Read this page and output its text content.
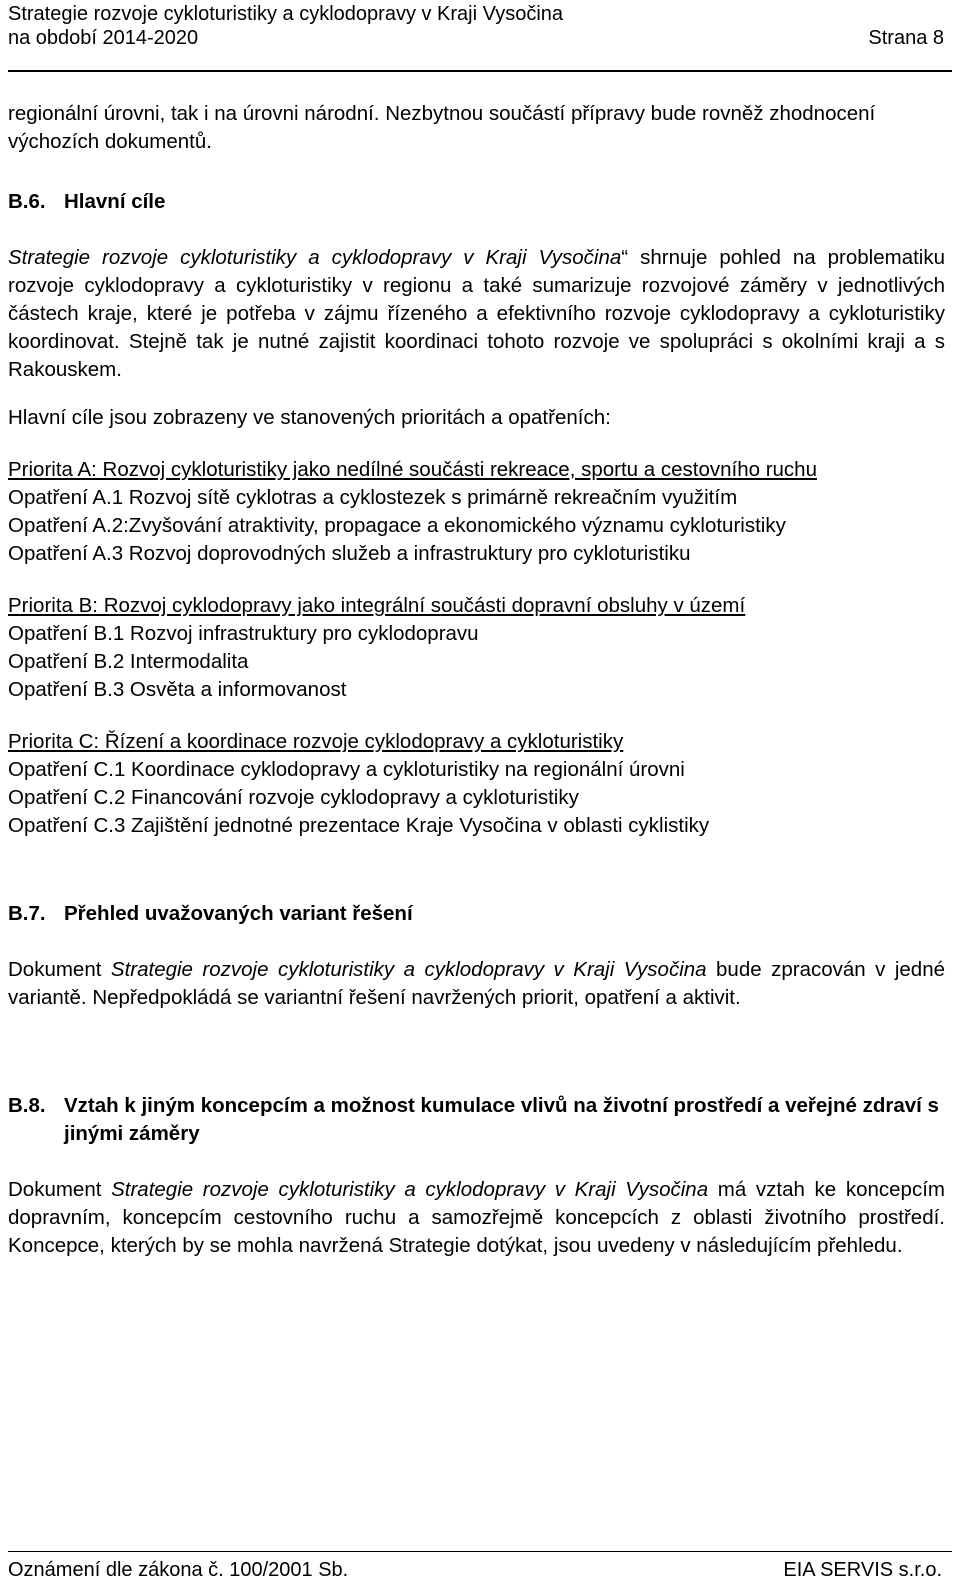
Strategie rozvoje cykloturistiky a cyklodopravy v Kraji Vysočina
na období 2014-2020	Strana 8

regionální úrovni, tak i na úrovni národní. Nezbytnou součástí přípravy bude rovněž zhodnocení výchozích dokumentů.

B.6. Hlavní cíle

Strategie rozvoje cykloturistiky a cyklodopravy v Kraji Vysočina“ shrnuje pohled na problematiku rozvoje cyklodopravy a cykloturistiky v regionu a také sumarizuje rozvojové záměry v jednotlivých částech kraje, které je potřeba v zájmu řízeného a efektivního rozvoje cyklodopravy a cykloturistiky koordinovat. Stejně tak je nutné zajistit koordinaci tohoto rozvoje ve spolupráci s okolními kraji a s Rakouskem.

Hlavní cíle jsou zobrazeny ve stanovených prioritách a opatřeních:

Priorita A: Rozvoj cykloturistiky jako nedílné součásti rekreace, sportu a cestovního ruchu

Opatření A.1 Rozvoj sítě cyklotras a cyklostezek s primárně rekreačním využitím

Opatření A.2:Zvyšování atraktivity, propagace a ekonomického významu cykloturistiky

Opatření A.3 Rozvoj doprovodných služeb a infrastruktury pro cykloturistiku

Priorita B: Rozvoj cyklodopravy jako integrální součásti dopravní obsluhy v území

Opatření B.1 Rozvoj infrastruktury pro cyklodopravu

Opatření B.2 Intermodalita

Opatření B.3 Osvěta a informovanost

Priorita C: Řízení a koordinace rozvoje cyklodopravy a cykloturistiky

Opatření C.1 Koordinace cyklodopravy a cykloturistiky na regionální úrovni

Opatření C.2 Financování rozvoje cyklodopravy a cykloturistiky

Opatření C.3 Zajištění jednotné prezentace Kraje Vysočina v oblasti cyklistiky

B.7. Přehled uvažovaných variant řešení

Dokument Strategie rozvoje cykloturistiky a cyklodopravy v Kraji Vysočina bude zpracován v jedné variantě. Nepředpokládá se variantní řešení navržených priorit, opatření a aktivit.

B.8. Vztah k jiným koncepcím a možnost kumulace vlivů na životní prostředí a veřejné zdraví s jinými záměry

Dokument Strategie rozvoje cykloturistiky a cyklodopravy v Kraji Vysočina má vztah ke koncepcím dopravním, koncepcím cestovního ruchu a samozřejmě koncepcích z oblasti životního prostředí. Koncepce, kterých by se mohla navržená Strategie dotýkat, jsou uvedeny v následujícím přehledu.

Oznámení dle zákona č. 100/2001 Sb.	EIA SERVIS s.r.o.
